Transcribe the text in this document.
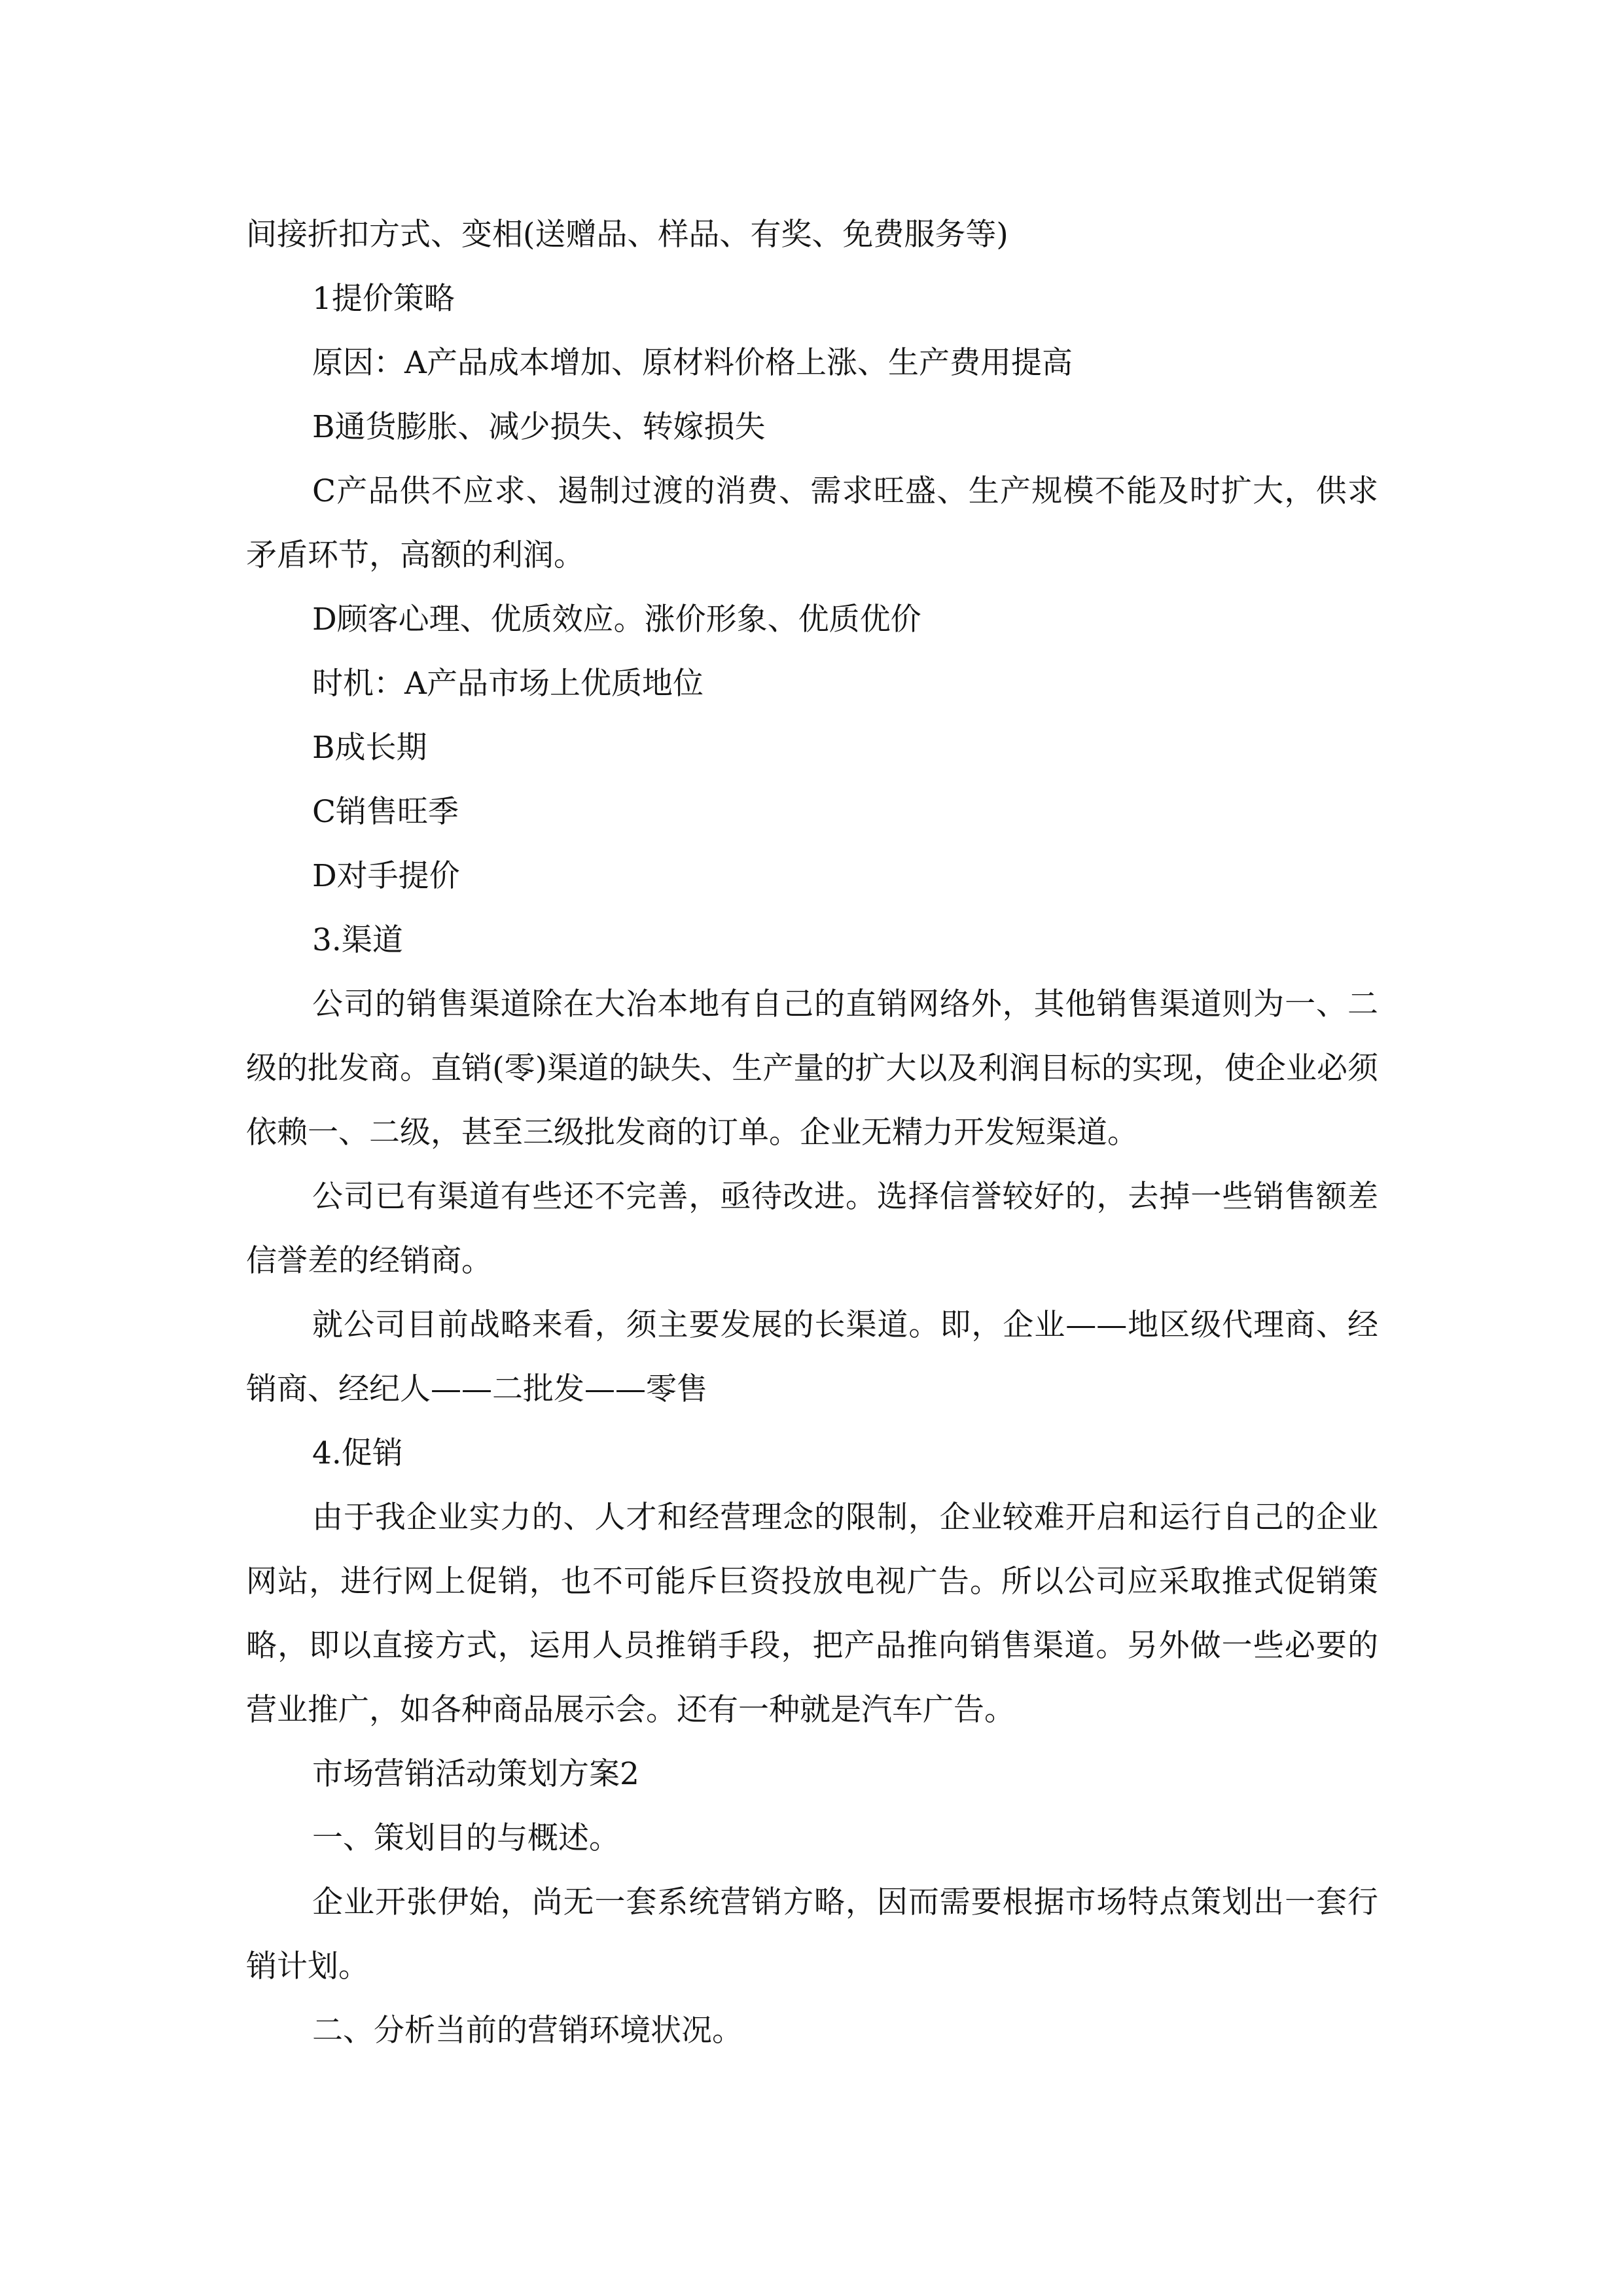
间接折扣方式、变相(送赠品、样品、有奖、免费服务等)

1提价策略

原因：A产品成本增加、原材料价格上涨、生产费用提高

B通货膨胀、减少损失、转嫁损失

C产品供不应求、遏制过渡的消费、需求旺盛、生产规模不能及时扩大，供求矛盾环节，高额的利润。

D顾客心理、优质效应。涨价形象、优质优价

时机：A产品市场上优质地位

B成长期

C销售旺季

D对手提价

3.渠道

公司的销售渠道除在大冶本地有自己的直销网络外，其他销售渠道则为一、二级的批发商。直销(零)渠道的缺失、生产量的扩大以及利润目标的实现，使企业必须依赖一、二级，甚至三级批发商的订单。企业无精力开发短渠道。

公司已有渠道有些还不完善，亟待改进。选择信誉较好的，去掉一些销售额差信誉差的经销商。

就公司目前战略来看，须主要发展的长渠道。即，企业——地区级代理商、经销商、经纪人——二批发——零售

4.促销

由于我企业实力的、人才和经营理念的限制，企业较难开启和运行自己的企业网站，进行网上促销，也不可能斥巨资投放电视广告。所以公司应采取推式促销策略，即以直接方式，运用人员推销手段，把产品推向销售渠道。另外做一些必要的营业推广，如各种商品展示会。还有一种就是汽车广告。

市场营销活动策划方案2

一、策划目的与概述。

企业开张伊始，尚无一套系统营销方略，因而需要根据市场特点策划出一套行销计划。

二、分析当前的营销环境状况。
